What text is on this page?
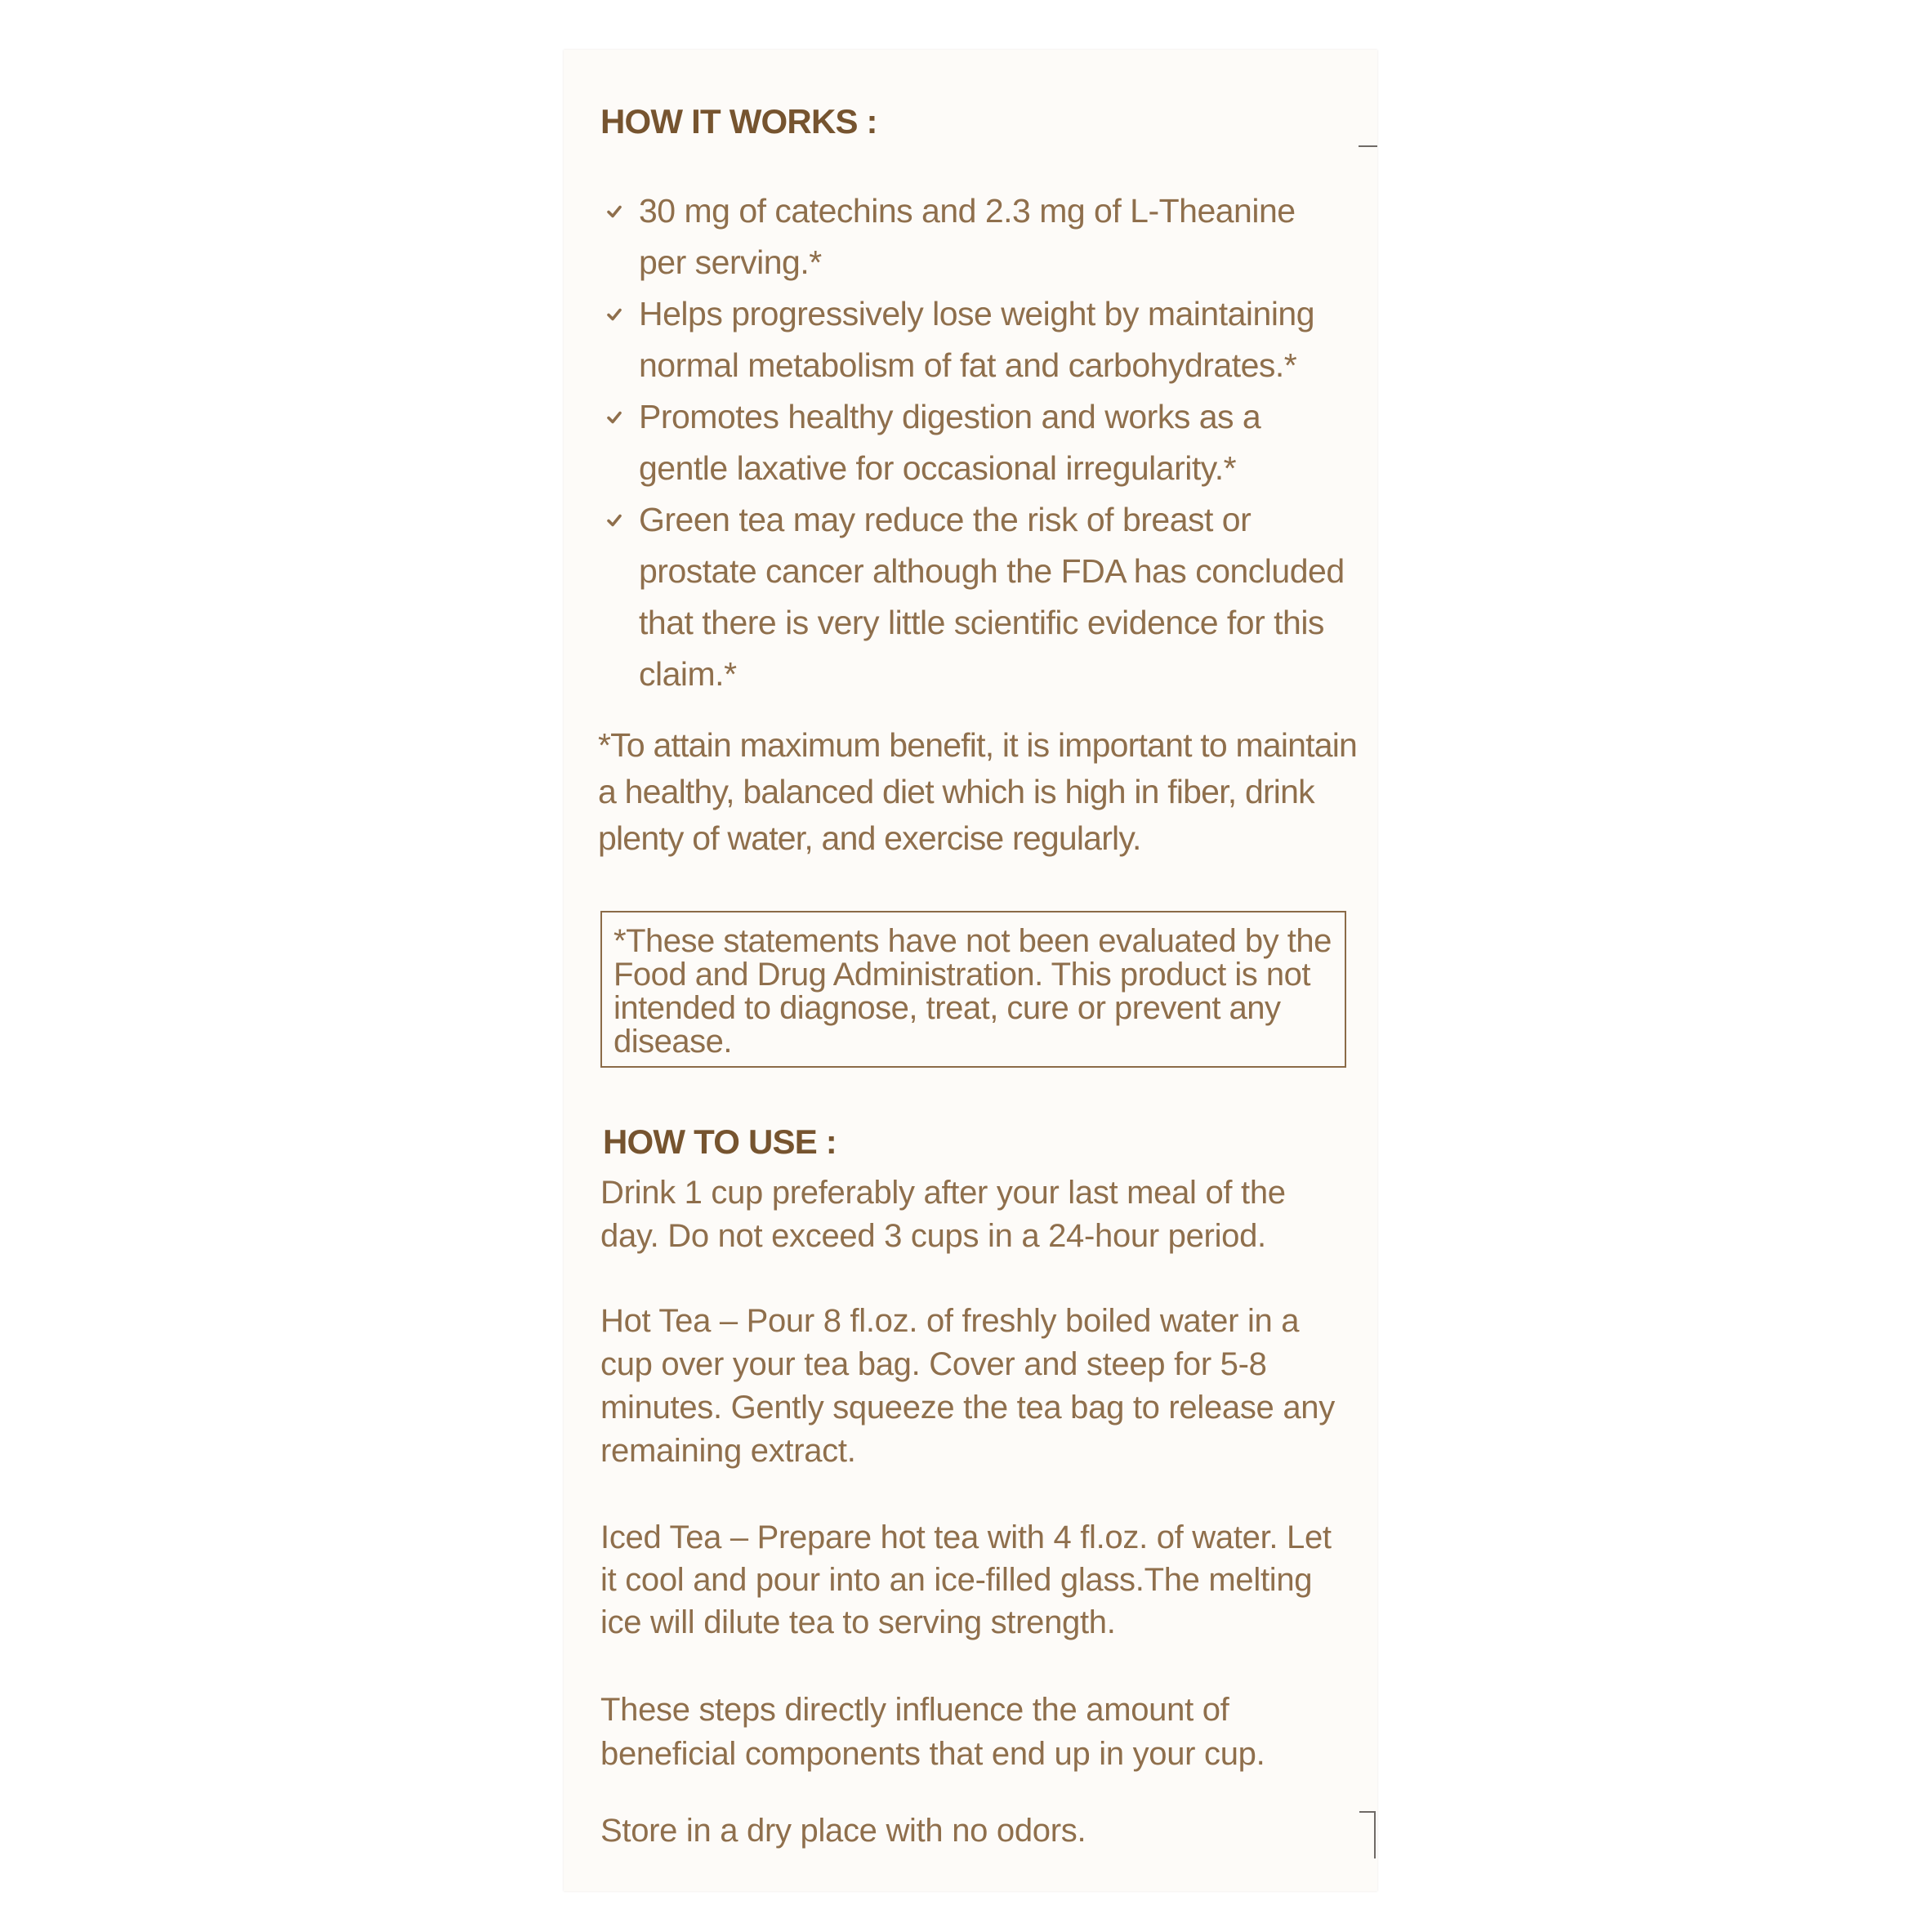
HOW IT WORKS :
30 mg of catechins and 2.3 mg of L-Theanine
per serving.*
Helps progressively lose weight by maintaining
normal metabolism of fat and carbohydrates.*
Promotes healthy digestion and works as a
gentle laxative for occasional irregularity.*
Green tea may reduce the risk of breast or
prostate cancer although the FDA has concluded
that there is very little scientific evidence for this
claim.*
*To attain maximum benefit, it is important to maintain
a healthy, balanced diet which is high in fiber, drink
plenty of water, and exercise regularly.
*These statements have not been evaluated by the
Food and Drug Administration. This product is not
intended to diagnose, treat, cure or prevent any
disease.
HOW TO USE :
Drink 1 cup preferably after your last meal of the
day. Do not exceed 3 cups in a 24-hour period.
Hot Tea – Pour 8 fl.oz. of freshly boiled water in a
cup over your tea bag. Cover and steep for 5-8
minutes. Gently squeeze the tea bag to release any
remaining extract.
Iced Tea – Prepare hot tea with 4 fl.oz. of water. Let
it cool and pour into an ice-filled glass.The melting
ice will dilute tea to serving strength.
These steps directly influence the amount of
beneficial components that end up in your cup.
Store in a dry place with no odors.
